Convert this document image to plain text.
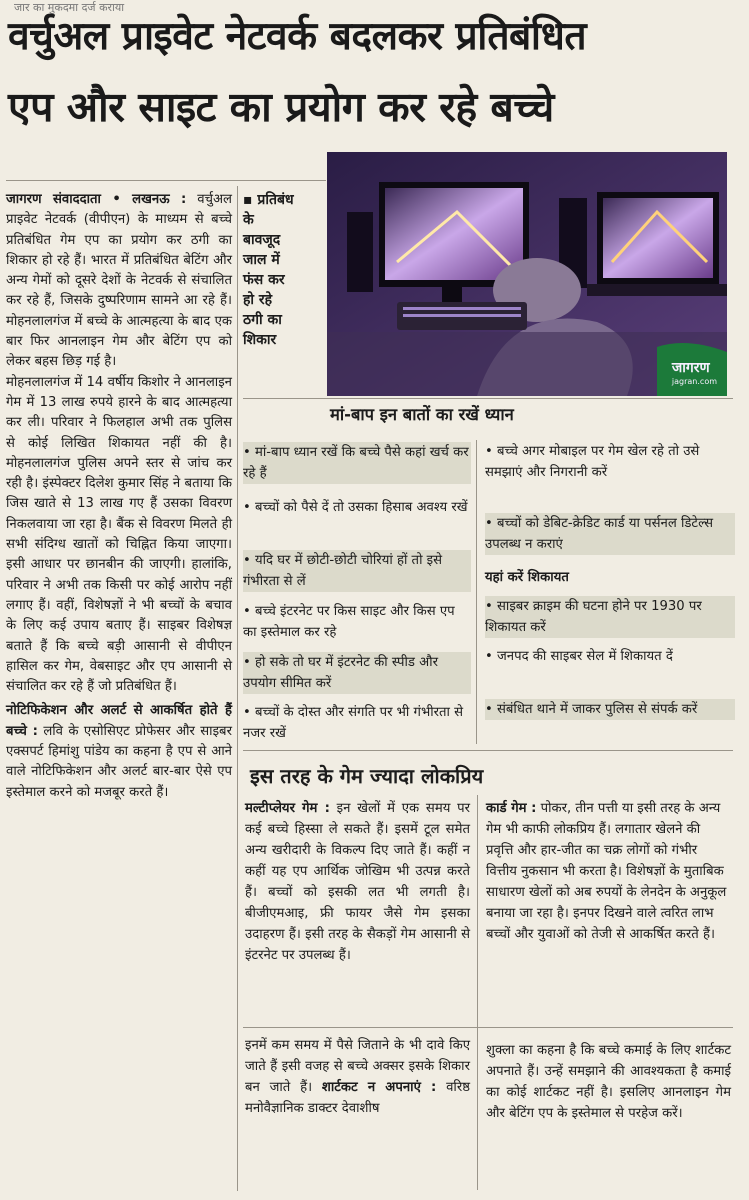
जार का मुकदमा दर्ज कराया
वर्चुअल प्राइवेट नेटवर्क बदलकर प्रतिबंधित
एप और साइट का प्रयोग कर रहे बच्चे

जागरण संवाददाता • लखनऊ : वर्चुअल प्राइवेट नेटवर्क (वीपीएन) के माध्यम से बच्चे प्रतिबंधित गेम एप का प्रयोग कर ठगी का शिकार हो रहे हैं। भारत में प्रतिबंधित बेटिंग और अन्य गेमों को दूसरे देशों के नेटवर्क से संचालित कर रहे हैं, जिसके दुष्परिणाम सामने आ रहे हैं। मोहनलालगंज में बच्चे के आत्महत्या के बाद एक बार फिर आनलाइन गेम और बेटिंग एप को लेकर बहस छिड़ गई है।

मोहनलालगंज में 14 वर्षीय किशोर ने आनलाइन गेम में 13 लाख रुपये हारने के बाद आत्महत्या कर ली। परिवार ने फिलहाल अभी तक पुलिस से कोई लिखित शिकायत नहीं की है। मोहनलालगंज पुलिस अपने स्तर से जांच कर रही है। इंस्पेक्टर दिलेश कुमार सिंह ने बताया कि जिस खाते से 13 लाख गए हैं उसका विवरण निकलवाया जा रहा है। बैंक से विवरण मिलते ही सभी संदिग्ध खातों को चिह्नित किया जाएगा। इसी आधार पर छानबीन की जाएगी। हालांकि, परिवार ने अभी तक किसी पर कोई आरोप नहीं लगाए हैं। वहीं, विशेषज्ञों ने भी बच्चों के बचाव के लिए कई उपाय बताए हैं। साइबर विशेषज्ञ बताते हैं कि बच्चे बड़ी आसानी से वीपीएन हासिल कर गेम, वेबसाइट और एप आसानी से संचालित कर रहे हैं जो प्रतिबंधित हैं।

नोटिफिकेशन और अलर्ट से आकर्षित होते हैं बच्चे : लवि के एसोसिएट प्रोफेसर और साइबर एक्सपर्ट हिमांशु पांडेय का कहना है एप से आने वाले नोटिफिकेशन और अलर्ट बार-बार ऐसे एप इस्तेमाल करने को मजबूर करते हैं।

▪ प्रतिबंध
के
बावजूद
जाल में
फंस कर
हो रहे
ठगी का
शिकार
जागरण
jagran.com
मां-बाप इन बातों का रखें ध्यान
• मां-बाप ध्यान रखें कि बच्चे पैसे कहां खर्च कर रहे हैं
• बच्चों को पैसे दें तो उसका हिसाब अवश्य रखें
• यदि घर में छोटी-छोटी चोरियां हों तो इसे गंभीरता से लें
• बच्चे इंटरनेट पर किस साइट और किस एप का इस्तेमाल कर रहे
• हो सके तो घर में इंटरनेट की स्पीड और उपयोग सीमित करें
• बच्चों के दोस्त और संगति पर भी गंभीरता से नजर रखें
• बच्चे अगर मोबाइल पर गेम खेल रहे तो उसे समझाएं और निगरानी करें
• बच्चों को डेबिट-क्रेडिट कार्ड या पर्सनल डिटेल्स उपलब्ध न कराएं
यहां करें शिकायत
• साइबर क्राइम की घटना होने पर 1930 पर शिकायत करें
• जनपद की साइबर सेल में शिकायत दें
• संबंधित थाने में जाकर पुलिस से संपर्क करें
इस तरह के गेम ज्यादा लोकप्रिय
मल्टीप्लेयर गेम : इन खेलों में एक समय पर कई बच्चे हिस्सा ले सकते हैं। इसमें टूल समेत अन्य खरीदारी के विकल्प दिए जाते हैं। कहीं न कहीं यह एप आर्थिक जोखिम भी उत्पन्न करते हैं। बच्चों को इसकी लत भी लगती है। बीजीएमआइ, फ्री फायर जैसे गेम इसका उदाहरण हैं। इसी तरह के सैकड़ों गेम आसानी से इंटरनेट पर उपलब्ध हैं।
कार्ड गेम : पोकर, तीन पत्ती या इसी तरह के अन्य गेम भी काफी लोकप्रिय हैं। लगातार खेलने की प्रवृत्ति और हार-जीत का चक्र लोगों को गंभीर वित्तीय नुकसान भी करता है। विशेषज्ञों के मुताबिक साधारण खेलों को अब रुपयों के लेनदेन के अनुकूल बनाया जा रहा है। इनपर दिखने वाले त्वरित लाभ बच्चों और युवाओं को तेजी से आकर्षित करते हैं।
इनमें कम समय में पैसे जिताने के भी दावे किए जाते हैं इसी वजह से बच्चे अक्सर इसके शिकार बन जाते हैं। शार्टकट न अपनाएं : वरिष्ठ मनोवैज्ञानिक डाक्टर देवाशीष
शुक्ला का कहना है कि बच्चे कमाई के लिए शार्टकट अपनाते हैं। उन्हें समझाने की आवश्यकता है कमाई का कोई शार्टकट नहीं है। इसलिए आनलाइन गेम और बेटिंग एप के इस्तेमाल से परहेज करें।
